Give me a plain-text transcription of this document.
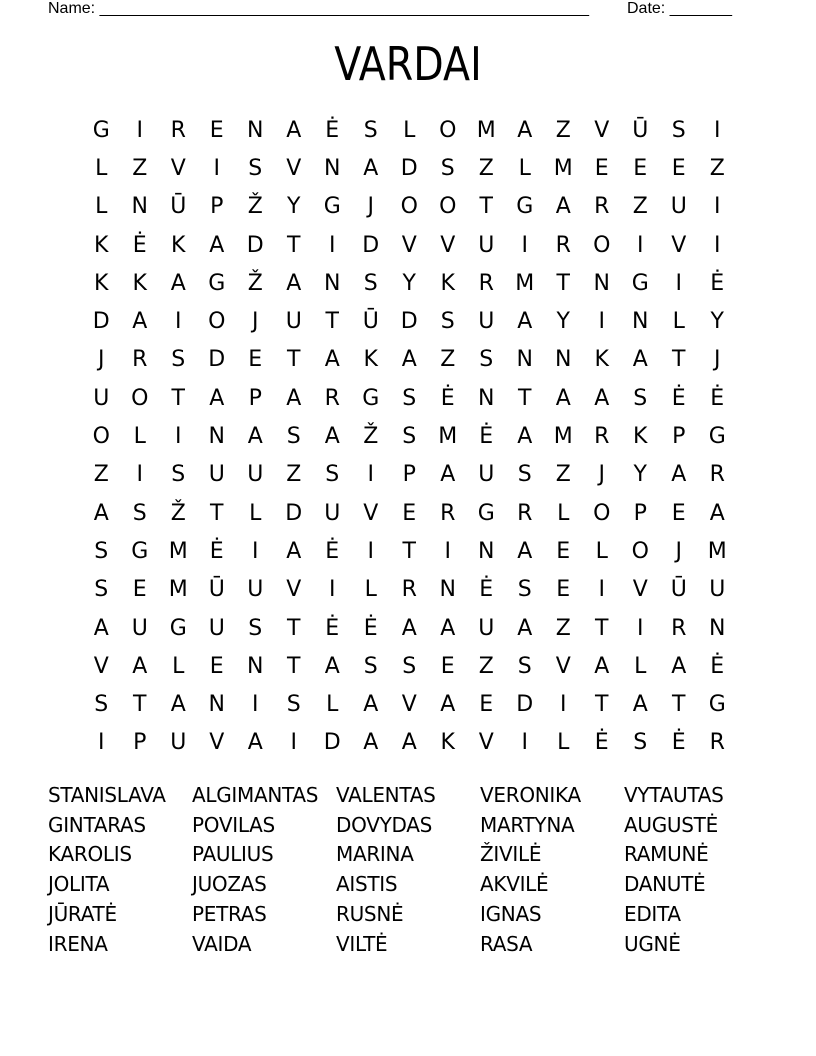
Name: _______________________________________________________ Date: _______
VARDAI
G	I	R	E	N	A	Ė	S	L	O M A	Z	V	Ū	S	I
L	Z	V	I	S	V	N	A	D	S	Z	L	M	E	E	E	Z
L	N	Ū	P	Ž	Y	G	J	O O	T	G	A	R	Z	U	I
K	Ė	K	A	D	T	I	D	V	V	U	I	R	O	I	V	I
K	K	A	G	Ž	A	N	S	Y	K	R M	T	N G	I	Ė
D	A	I	O	J	U	T	Ū D	S	U	A	Y	I	N	L	Y
J	R	S	D	E	T	A	K	A	Z	S	N	N	K	A	T	J
U O	T	A	P	A	R	G	S	Ė	N	T	A	A	S	Ė	Ė
O	L	I	N	A	S	A	Ž	S	M	Ė	A M R	K	P	G
Z	I	S	U	U	Z	S	I	P	A	U	S	Z	J	Y	A	R
A	S	Ž	T	L	D U	V	E	R	G	R	L	O	P	E	A
S	G M	Ė	I	A	Ė	I	T	I	N	A	E	L	O	J	M
S	E	M Ū	U	V	I	L	R	N	Ė	S	E	I	V	Ū	U
A	U G U	S	T	Ė	Ė	A	A	U	A	Z	T	I	R	N
V	A	L	E	N	T	A	S	S	E	Z	S	V	A	L	A	Ė
S	T	A	N	I	S	L	A	V	A	E	D	I	T	A	T	G
I	P	U	V	A	I	D	A	A	K	V	I	L	Ė	S	Ė	R
STANISLAVA	ALGIMANTAS VALENTAS	VERONIKA	VYTAUTAS
GINTARAS	POVILAS	DOVYDAS	MARTYNA	AUGUSTĖ
KAROLIS	PAULIUS	MARINA	ŽIVILĖ	RAMUNĖ
JOLITA	JUOZAS	AISTIS	AKVILĖ	DANUTĖ
JŪRATĖ	PETRAS	RUSNĖ	IGNAS	EDITA
IRENA	VAIDA	VILTĖ	RASA	UGNĖ
